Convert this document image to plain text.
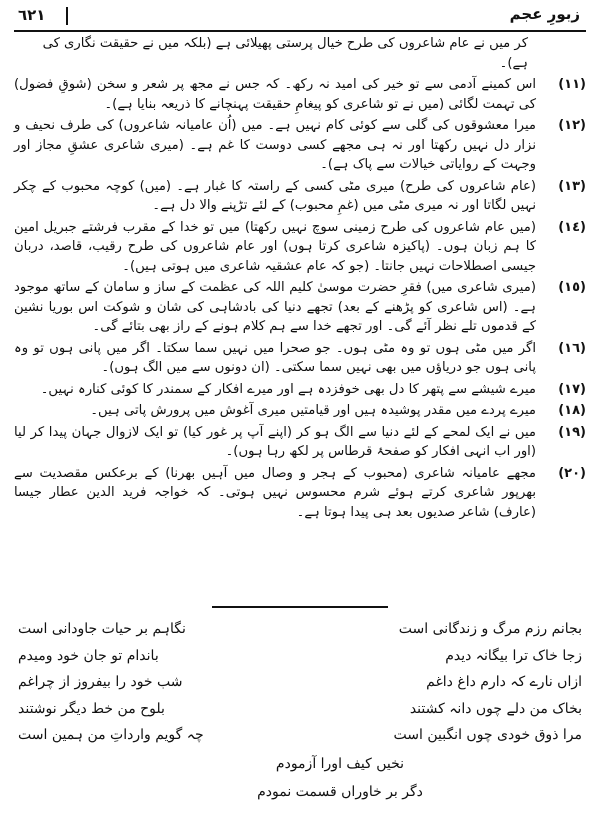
٦٢١	زبورِ عجم
کر میں نے عام شاعروں کی طرح خیال پرستی پھیلائی ہے (بلکہ میں نے حقیقت نگاری کی ہے)۔
(١١)
اس کمینے آدمی سے تو خیر کی امید نہ رکھ۔ کہ جس نے مجھ پر شعر و سخن (شوقِ فضول) کی تہمت لگائی (میں نے تو شاعری کو پیغامِ حقیقت پہنچانے کا ذریعہ بنایا ہے)۔
(١٢)
میرا معشوقوں کی گلی سے کوئی کام نہیں ہے۔ میں (اُن عامیانہ شاعروں) کی طرف نحیف و نزار دل نہیں رکھتا اور نہ ہی مجھے کسی دوست کا غم ہے۔ (میری شاعری عشقِ مجاز اور وجہت کے روایاتی خیالات سے پاک ہے)۔
(١٣)
(عام شاعروں کی طرح) میری مٹی کسی کے راستہ کا غبار ہے۔ (میں) کوچہ محبوب کے چکر نہیں لگاتا اور نہ میری مٹی میں (غمِ محبوب) کے لئے تڑپنے والا دل ہے۔
(١٤)
(میں عام شاعروں کی طرح زمینی سوچ نہیں رکھتا) میں تو خدا کے مقرب فرشتے جبریل امین کا ہم زبان ہوں۔ (پاکیزہ شاعری کرتا ہوں) اور عام شاعروں کی طرح رقیب، قاصد، دربان جیسی اصطلاحات نہیں جانتا۔ (جو کہ عام عشقیہ شاعری میں ہوتی ہیں)۔
(١٥)
(میری شاعری میں) فقرِ حضرت موسیٰ کلیم اللہ کی عظمت کے ساز و سامان کے ساتھ موجود ہے۔ (اس شاعری کو پڑھنے کے بعد) تجھے دنیا کی بادشاہی کی شان و شوکت اس بوریا نشین کے قدموں تلے نظر آئے گی۔ اور تجھے خدا سے ہم کلام ہونے کے راز بھی بتائے گی۔
(١٦)
اگر میں مٹی ہوں تو وہ مٹی ہوں۔ جو صحرا میں نہیں سما سکتا۔ اگر میں پانی ہوں تو وہ پانی ہوں جو دریاؤں میں بھی نہیں سما سکتی۔ (ان دونوں سے میں الگ ہوں)۔
(١٧)
میرے شیشے سے پتھر کا دل بھی خوفزدہ ہے اور میرے افکار کے سمندر کا کوئی کنارہ نہیں۔
(١٨)
میرے پردے میں مقدر پوشیدہ ہیں اور قیامتیں میری آغوش میں پرورش پاتی ہیں۔
(١٩)
میں نے ایک لمحے کے لئے دنیا سے الگ ہو کر (اپنے آپ پر غور کیا) تو ایک لازوال جہان پیدا کر لیا (اور اب انہی افکار کو صفحۂ قرطاس پر لکھ رہا ہوں)۔
(٢٠)
مجھے عامیانہ شاعری (محبوب کے ہجر و وصال میں آہیں بھرنا) کے برعکس مقصدیت سے بھرپور شاعری کرتے ہوئے شرم محسوس نہیں ہوتی۔ کہ خواجہ فرید الدین عطار جیسا (عارف) شاعر صدیوں بعد ہی پیدا ہوتا ہے۔
بجانم رزم مرگ و زندگانی است
نگاہم بر حیات جاودانی است
زجا خاک ترا بیگانہ دیدم
باندام تو جان خود ومیدم
ازاں نارے کہ دارم داغ داغم
شب خود را بیفروز از چراغم
بخاک من دلے چوں دانہ کشتند
بلوح من خط دیگر نوشتند
مرا ذوق خودی چوں انگبین است
چہ گویم وارداتِ من ہمین است
نخیں کیف اورا آزمودم
دگر بر خاوراں قسمت نمودم
